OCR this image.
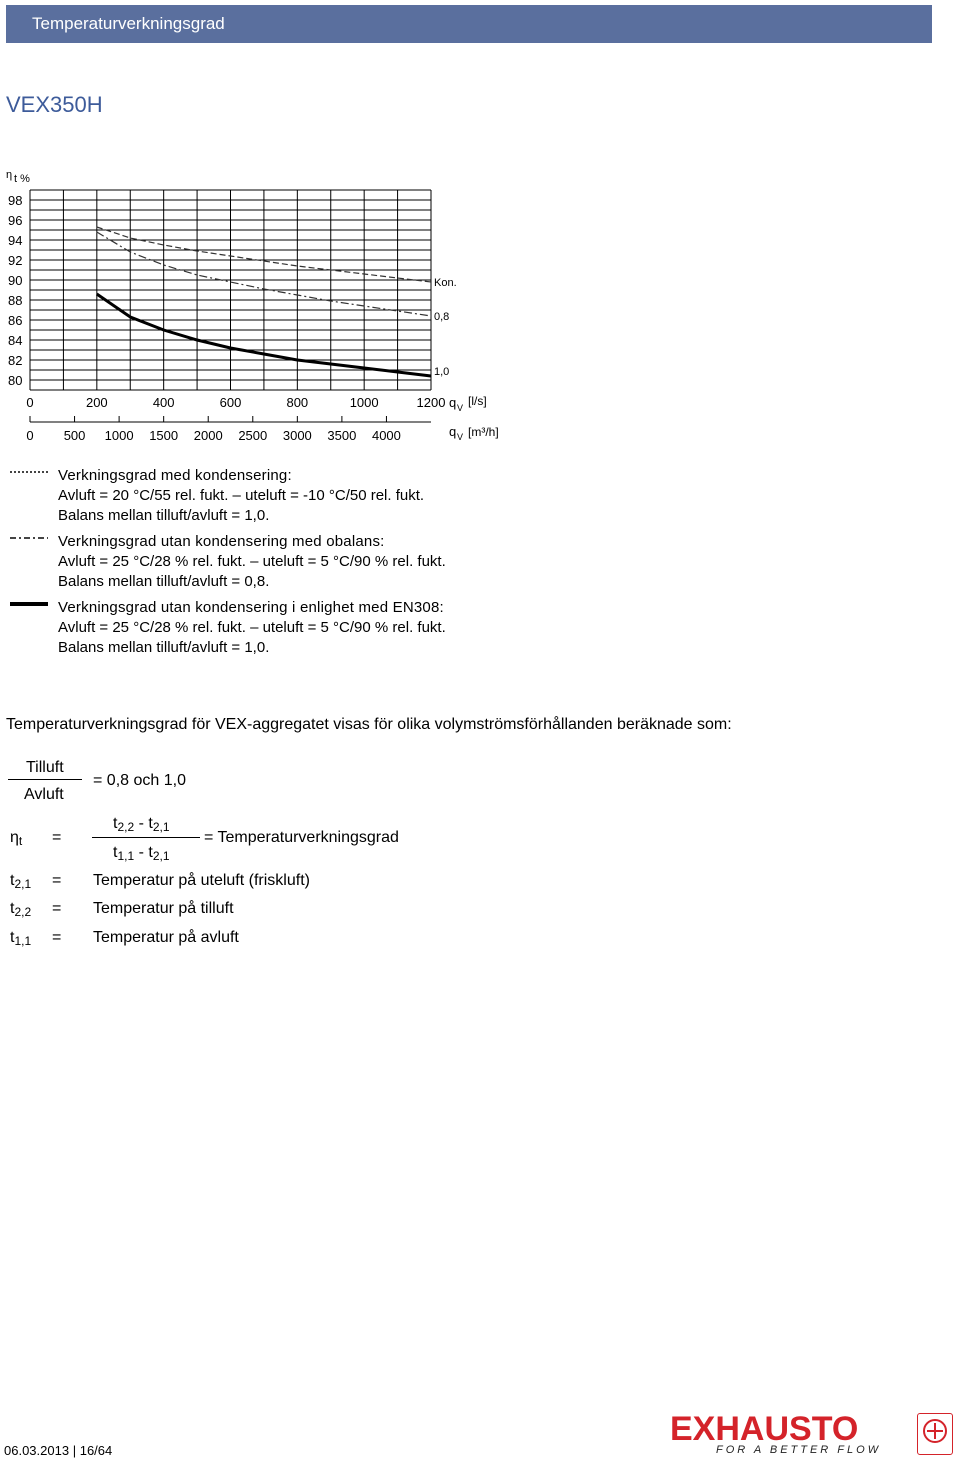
Temperaturverkningsgrad
VEX350H
98
96
94
92
90
88
86
84
82
80
η t %
0	200	400	600	800	1000	1200 q V [l/s]
0 500 1000 1500 2000 2500 3000 3500 4000	q V [m³/h]
Kon.
0,8
1,0
Verkningsgrad med kondensering:
Avluft = 20 °C/55 rel. fukt. – uteluft = -10 °C/50 rel. fukt.
Balans mellan tilluft/avluft = 1,0.
Verkningsgrad utan kondensering med obalans:
Avluft = 25 °C/28 % rel. fukt. – uteluft = 5 °C/90 % rel. fukt.
Balans mellan tilluft/avluft = 0,8.
Verkningsgrad utan kondensering i enlighet med EN308:
Avluft = 25 °C/28 % rel. fukt. – uteluft = 5 °C/90 % rel. fukt.
Balans mellan tilluft/avluft = 1,0.
Temperaturverkningsgrad för VEX-aggregatet visas för olika volymströmsförhållanden beräknade som:
Tilluft
Avluft
= 0,8 och 1,0
$\eta_t$ =
$t_{2,2} - t_{2,1}$
$t_{1,1} - t_{2,1}$
= Temperaturverkningsgrad
$t_{2,1}$ = Temperatur på uteluft (friskluft)
$t_{2,2}$ = Temperatur på tilluft
$t_{1,1}$ = Temperatur på avluft
06.03.2013 | 16/64
EXHAUSTO
FOR A BETTER FLOW
